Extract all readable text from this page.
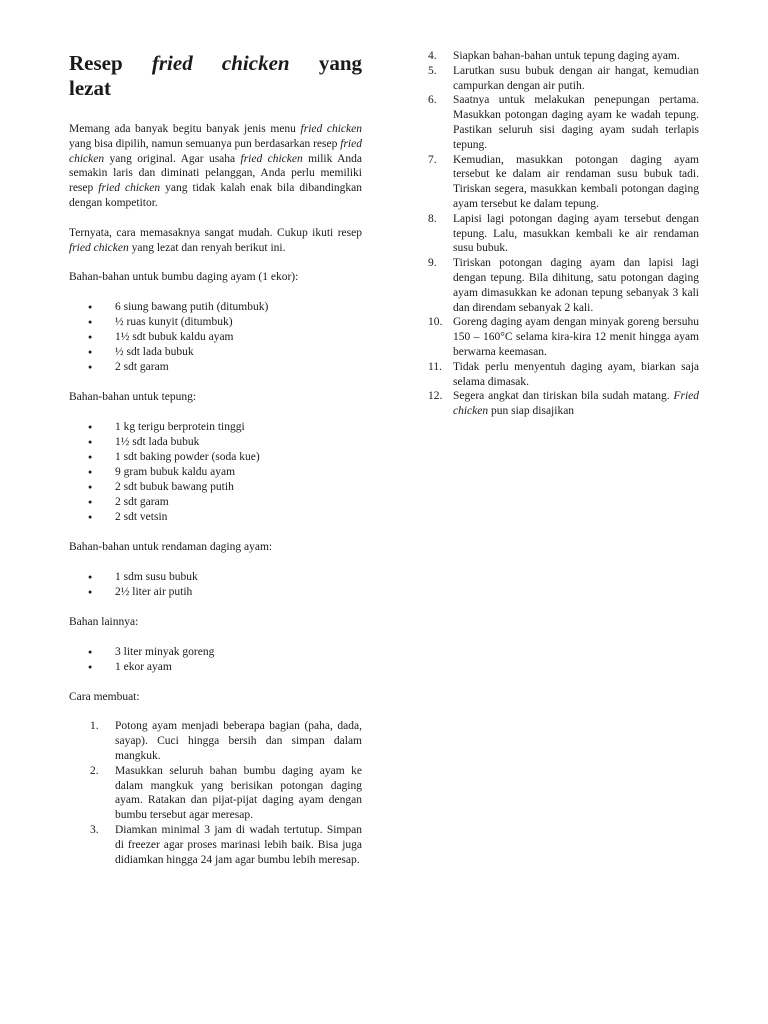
Resep fried chicken yang
lezat

Memang ada banyak begitu banyak jenis menu fried chicken yang bisa dipilih, namun semuanya pun berdasarkan resep fried chicken yang original. Agar usaha fried chicken milik Anda semakin laris dan diminati pelanggan, Anda perlu memiliki resep fried chicken yang tidak kalah enak bila dibandingkan dengan kompetitor.

Ternyata, cara memasaknya sangat mudah. Cukup ikuti resep fried chicken yang lezat dan renyah berikut ini.

Bahan-bahan untuk bumbu daging ayam (1 ekor):

● 6 siung bawang putih (ditumbuk)
● ½ ruas kunyit (ditumbuk)
● 1½ sdt bubuk kaldu ayam
● ½ sdt lada bubuk
● 2 sdt garam

Bahan-bahan untuk tepung:

● 1 kg terigu berprotein tinggi
● 1½ sdt lada bubuk
● 1 sdt baking powder (soda kue)
● 9 gram bubuk kaldu ayam
● 2 sdt bubuk bawang putih
● 2 sdt garam
● 2 sdt vetsin

Bahan-bahan untuk rendaman daging ayam:

● 1 sdm susu bubuk
● 2½ liter air putih

Bahan lainnya:

● 3 liter minyak goreng
● 1 ekor ayam

Cara membuat:

1. Potong ayam menjadi beberapa bagian (paha, dada, sayap). Cuci hingga bersih dan simpan dalam mangkuk.
2. Masukkan seluruh bahan bumbu daging ayam ke dalam mangkuk yang berisikan potongan daging ayam. Ratakan dan pijat-pijat daging ayam dengan bumbu tersebut agar meresap.
3. Diamkan minimal 3 jam di wadah tertutup. Simpan di freezer agar proses marinasi lebih baik. Bisa juga didiamkan hingga 24 jam agar bumbu lebih meresap.
4. Siapkan bahan-bahan untuk tepung daging ayam.
5. Larutkan susu bubuk dengan air hangat, kemudian campurkan dengan air putih.
6. Saatnya untuk melakukan penepungan pertama. Masukkan potongan daging ayam ke wadah tepung. Pastikan seluruh sisi daging ayam sudah terlapis tepung.
7. Kemudian, masukkan potongan daging ayam tersebut ke dalam air rendaman susu bubuk tadi. Tiriskan segera, masukkan kembali potongan daging ayam tersebut ke dalam tepung.
8. Lapisi lagi potongan daging ayam tersebut dengan tepung. Lalu, masukkan kembali ke air rendaman susu bubuk.
9. Tiriskan potongan daging ayam dan lapisi lagi dengan tepung. Bila dihitung, satu potongan daging ayam dimasukkan ke adonan tepung sebanyak 3 kali dan direndam sebanyak 2 kali.
10. Goreng daging ayam dengan minyak goreng bersuhu 150 – 160°C selama kira-kira 12 menit hingga ayam berwarna keemasan.
11. Tidak perlu menyentuh daging ayam, biarkan saja selama dimasak.
12. Segera angkat dan tiriskan bila sudah matang. Fried chicken pun siap disajikan
